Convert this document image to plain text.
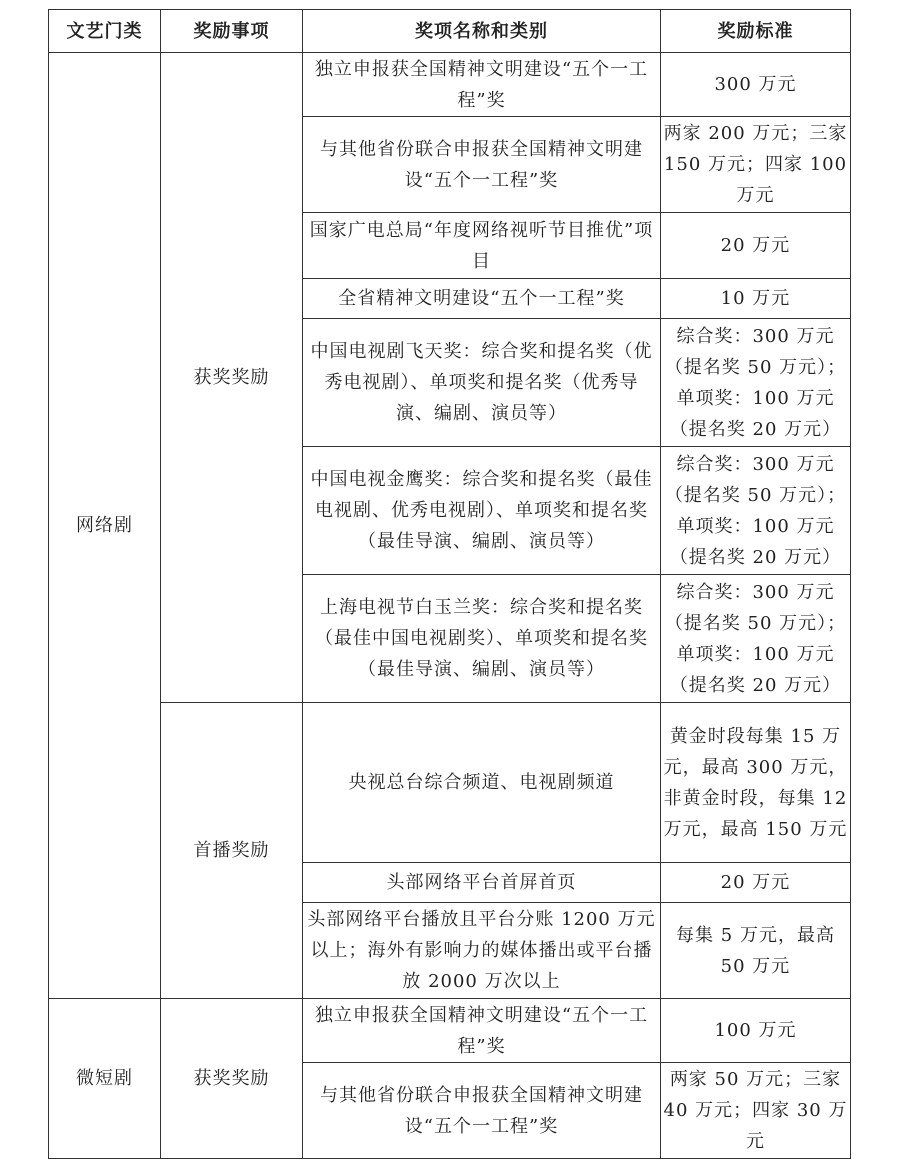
文艺门类	奖励事项	奖项名称和类别	奖励标准
网络剧	获奖奖励	独立申报获全国精神文明建设“五个一工程”奖	300 万元
		与其他省份联合申报获全国精神文明建设“五个一工程”奖	两家 200 万元；三家 150 万元；四家 100 万元
		国家广电总局“年度网络视听节目推优”项目	20 万元
		全省精神文明建设“五个一工程”奖	10 万元
		中国电视剧飞天奖：综合奖和提名奖（优秀电视剧）、单项奖和提名奖（优秀导演、编剧、演员等）	综合奖：300 万元（提名奖 50 万元）；单项奖：100 万元（提名奖 20 万元）
		中国电视金鹰奖：综合奖和提名奖（最佳电视剧、优秀电视剧）、单项奖和提名奖（最佳导演、编剧、演员等）	综合奖：300 万元（提名奖 50 万元）；单项奖：100 万元（提名奖 20 万元）
		上海电视节白玉兰奖：综合奖和提名奖（最佳中国电视剧奖）、单项奖和提名奖（最佳导演、编剧、演员等）	综合奖：300 万元（提名奖 50 万元）；单项奖：100 万元（提名奖 20 万元）
	首播奖励	央视总台综合频道、电视剧频道	黄金时段每集 15 万元，最高 300 万元，非黄金时段，每集 12 万元，最高 150 万元
		头部网络平台首屏首页	20 万元
		头部网络平台播放且平台分账 1200 万元以上；海外有影响力的媒体播出或平台播放 2000 万次以上	每集 5 万元，最高 50 万元
微短剧	获奖奖励	独立申报获全国精神文明建设“五个一工程”奖	100 万元
		与其他省份联合申报获全国精神文明建设“五个一工程”奖	两家 50 万元；三家 40 万元；四家 30 万元
